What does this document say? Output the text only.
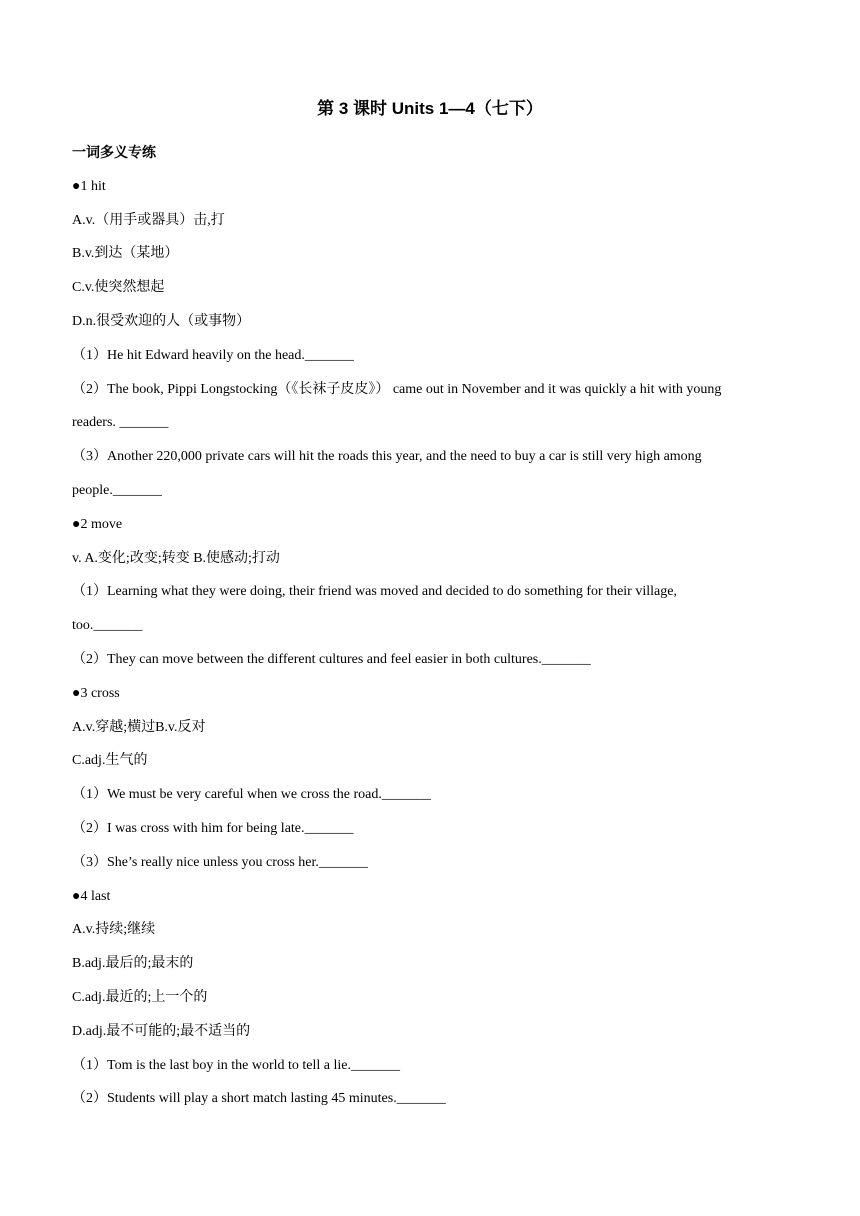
第 3 课时 Units 1—4（七下）
一词多义专练
●1 hit
A.v.（用手或器具）击,打
B.v.到达（某地）
C.v.使突然想起
D.n.很受欢迎的人（或事物）
（1）He hit Edward heavily on the head._______
（2）The book, Pippi Longstocking（《长袜子皮皮》） came out in November and it was quickly a hit with young
readers. _______
（3）Another 220,000 private cars will hit the roads this year, and the need to buy a car is still very high among
people._______
●2 move
v. A.变化;改变;转变 B.使感动;打动
（1）Learning what they were doing, their friend was moved and decided to do something for their village,
too._______
（2）They can move between the different cultures and feel easier in both cultures._______
●3 cross
A.v.穿越;横过B.v.反对
C.adj.生气的
（1）We must be very careful when we cross the road._______
（2）I was cross with him for being late._______
（3）She’s really nice unless you cross her._______
●4 last
A.v.持续;继续
B.adj.最后的;最末的
C.adj.最近的;上一个的
D.adj.最不可能的;最不适当的
（1）Tom is the last boy in the world to tell a lie._______
（2）Students will play a short match lasting 45 minutes._______
